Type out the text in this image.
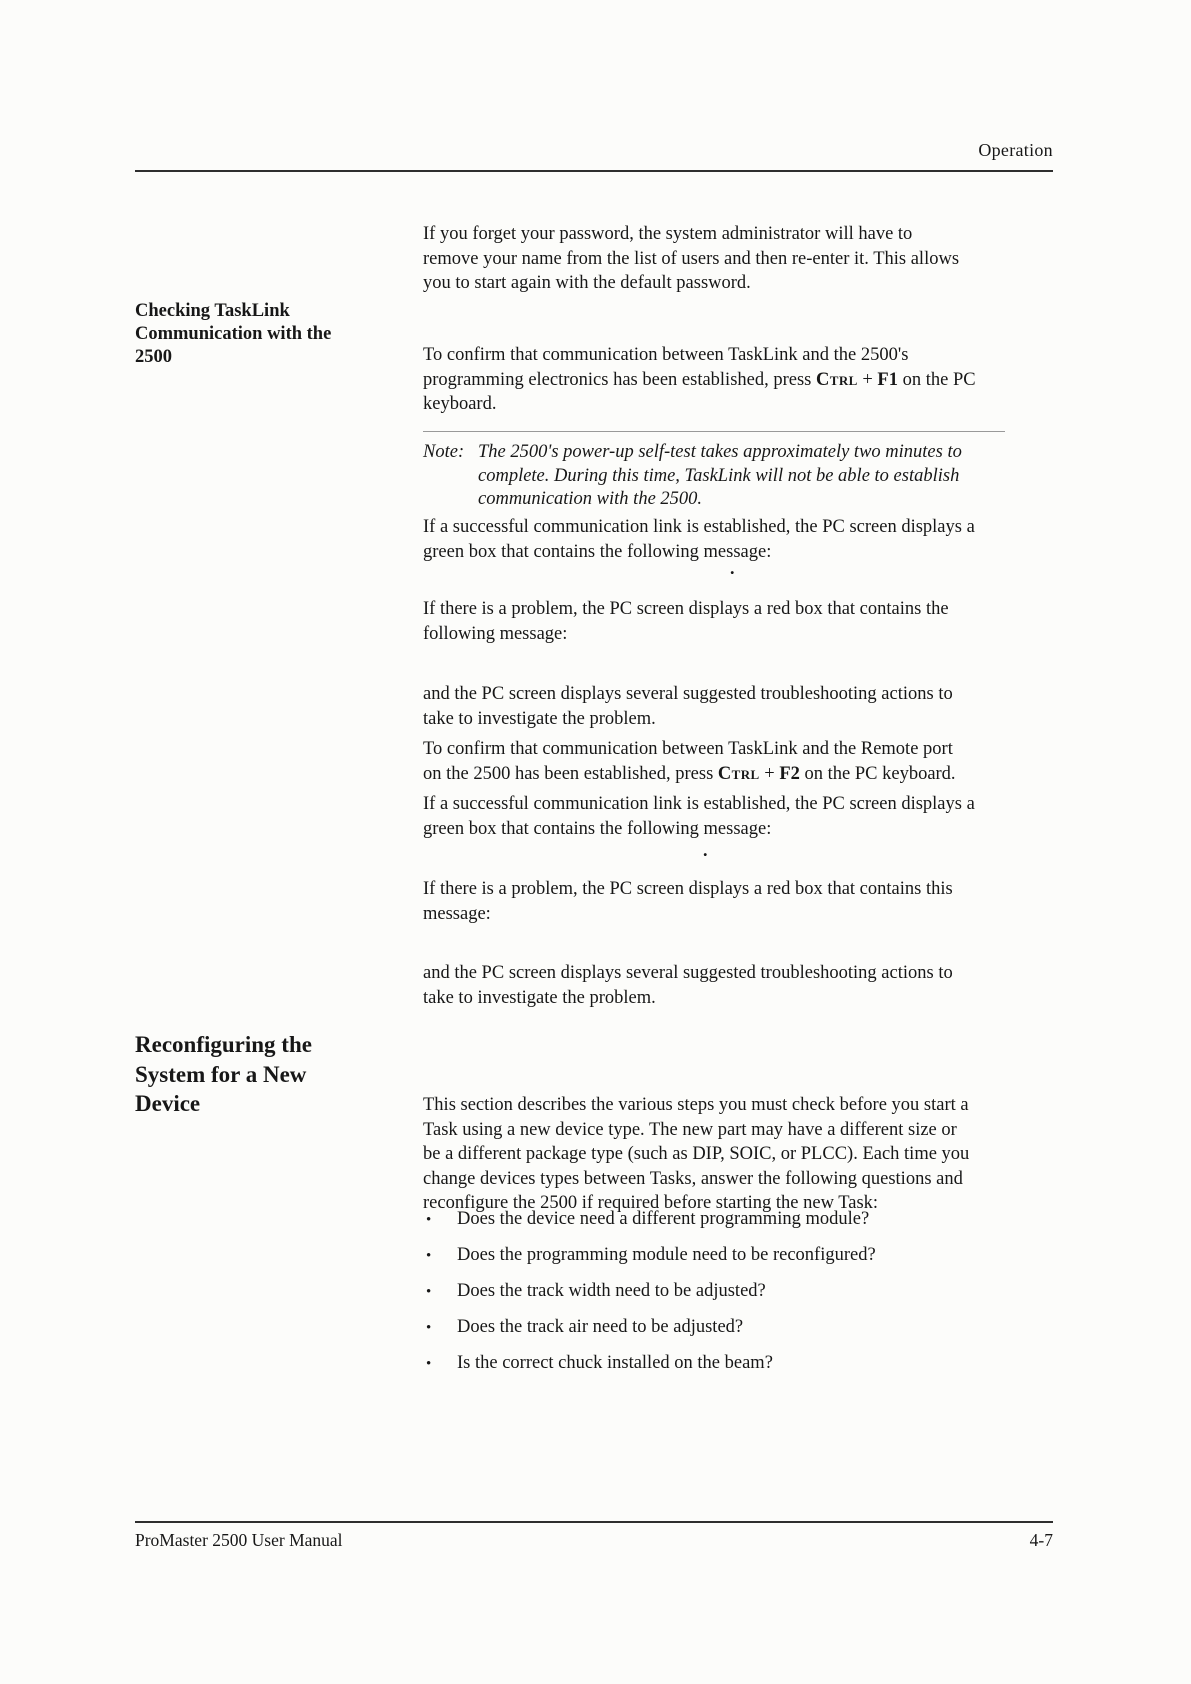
Operation
If you forget your password, the system administrator will have to
remove your name from the list of users and then re-enter it. This allows
you to start again with the default password.
Checking TaskLink
Communication with the
2500	To confirm that communication between TaskLink and the 2500's
programming electronics has been established, press Ctrl + F1 on the PC
keyboard.
Note: The 2500's power-up self-test takes approximately two minutes to
complete. During this time, TaskLink will not be able to establish
communication with the 2500.
If a successful communication link is established, the PC screen displays a
green box that contains the following message:
.
If there is a problem, the PC screen displays a red box that contains the
following message:
and the PC screen displays several suggested troubleshooting actions to
take to investigate the problem.
To confirm that communication between TaskLink and the Remote port
on the 2500 has been established, press Ctrl + F2 on the PC keyboard.
If a successful communication link is established, the PC screen displays a
green box that contains the following message:
.
If there is a problem, the PC screen displays a red box that contains this
message:
and the PC screen displays several suggested troubleshooting actions to
take to investigate the problem.
Reconfiguring the
System for a New
Device	This section describes the various steps you must check before you start a
Task using a new device type. The new part may have a different size or
be a different package type (such as DIP, SOIC, or PLCC). Each time you
change devices types between Tasks, answer the following questions and
reconfigure the 2500 if required before starting the new Task:
• Does the device need a different programming module?
• Does the programming module need to be reconfigured?
• Does the track width need to be adjusted?
• Does the track air need to be adjusted?
• Is the correct chuck installed on the beam?
ProMaster 2500 User Manual	4-7
